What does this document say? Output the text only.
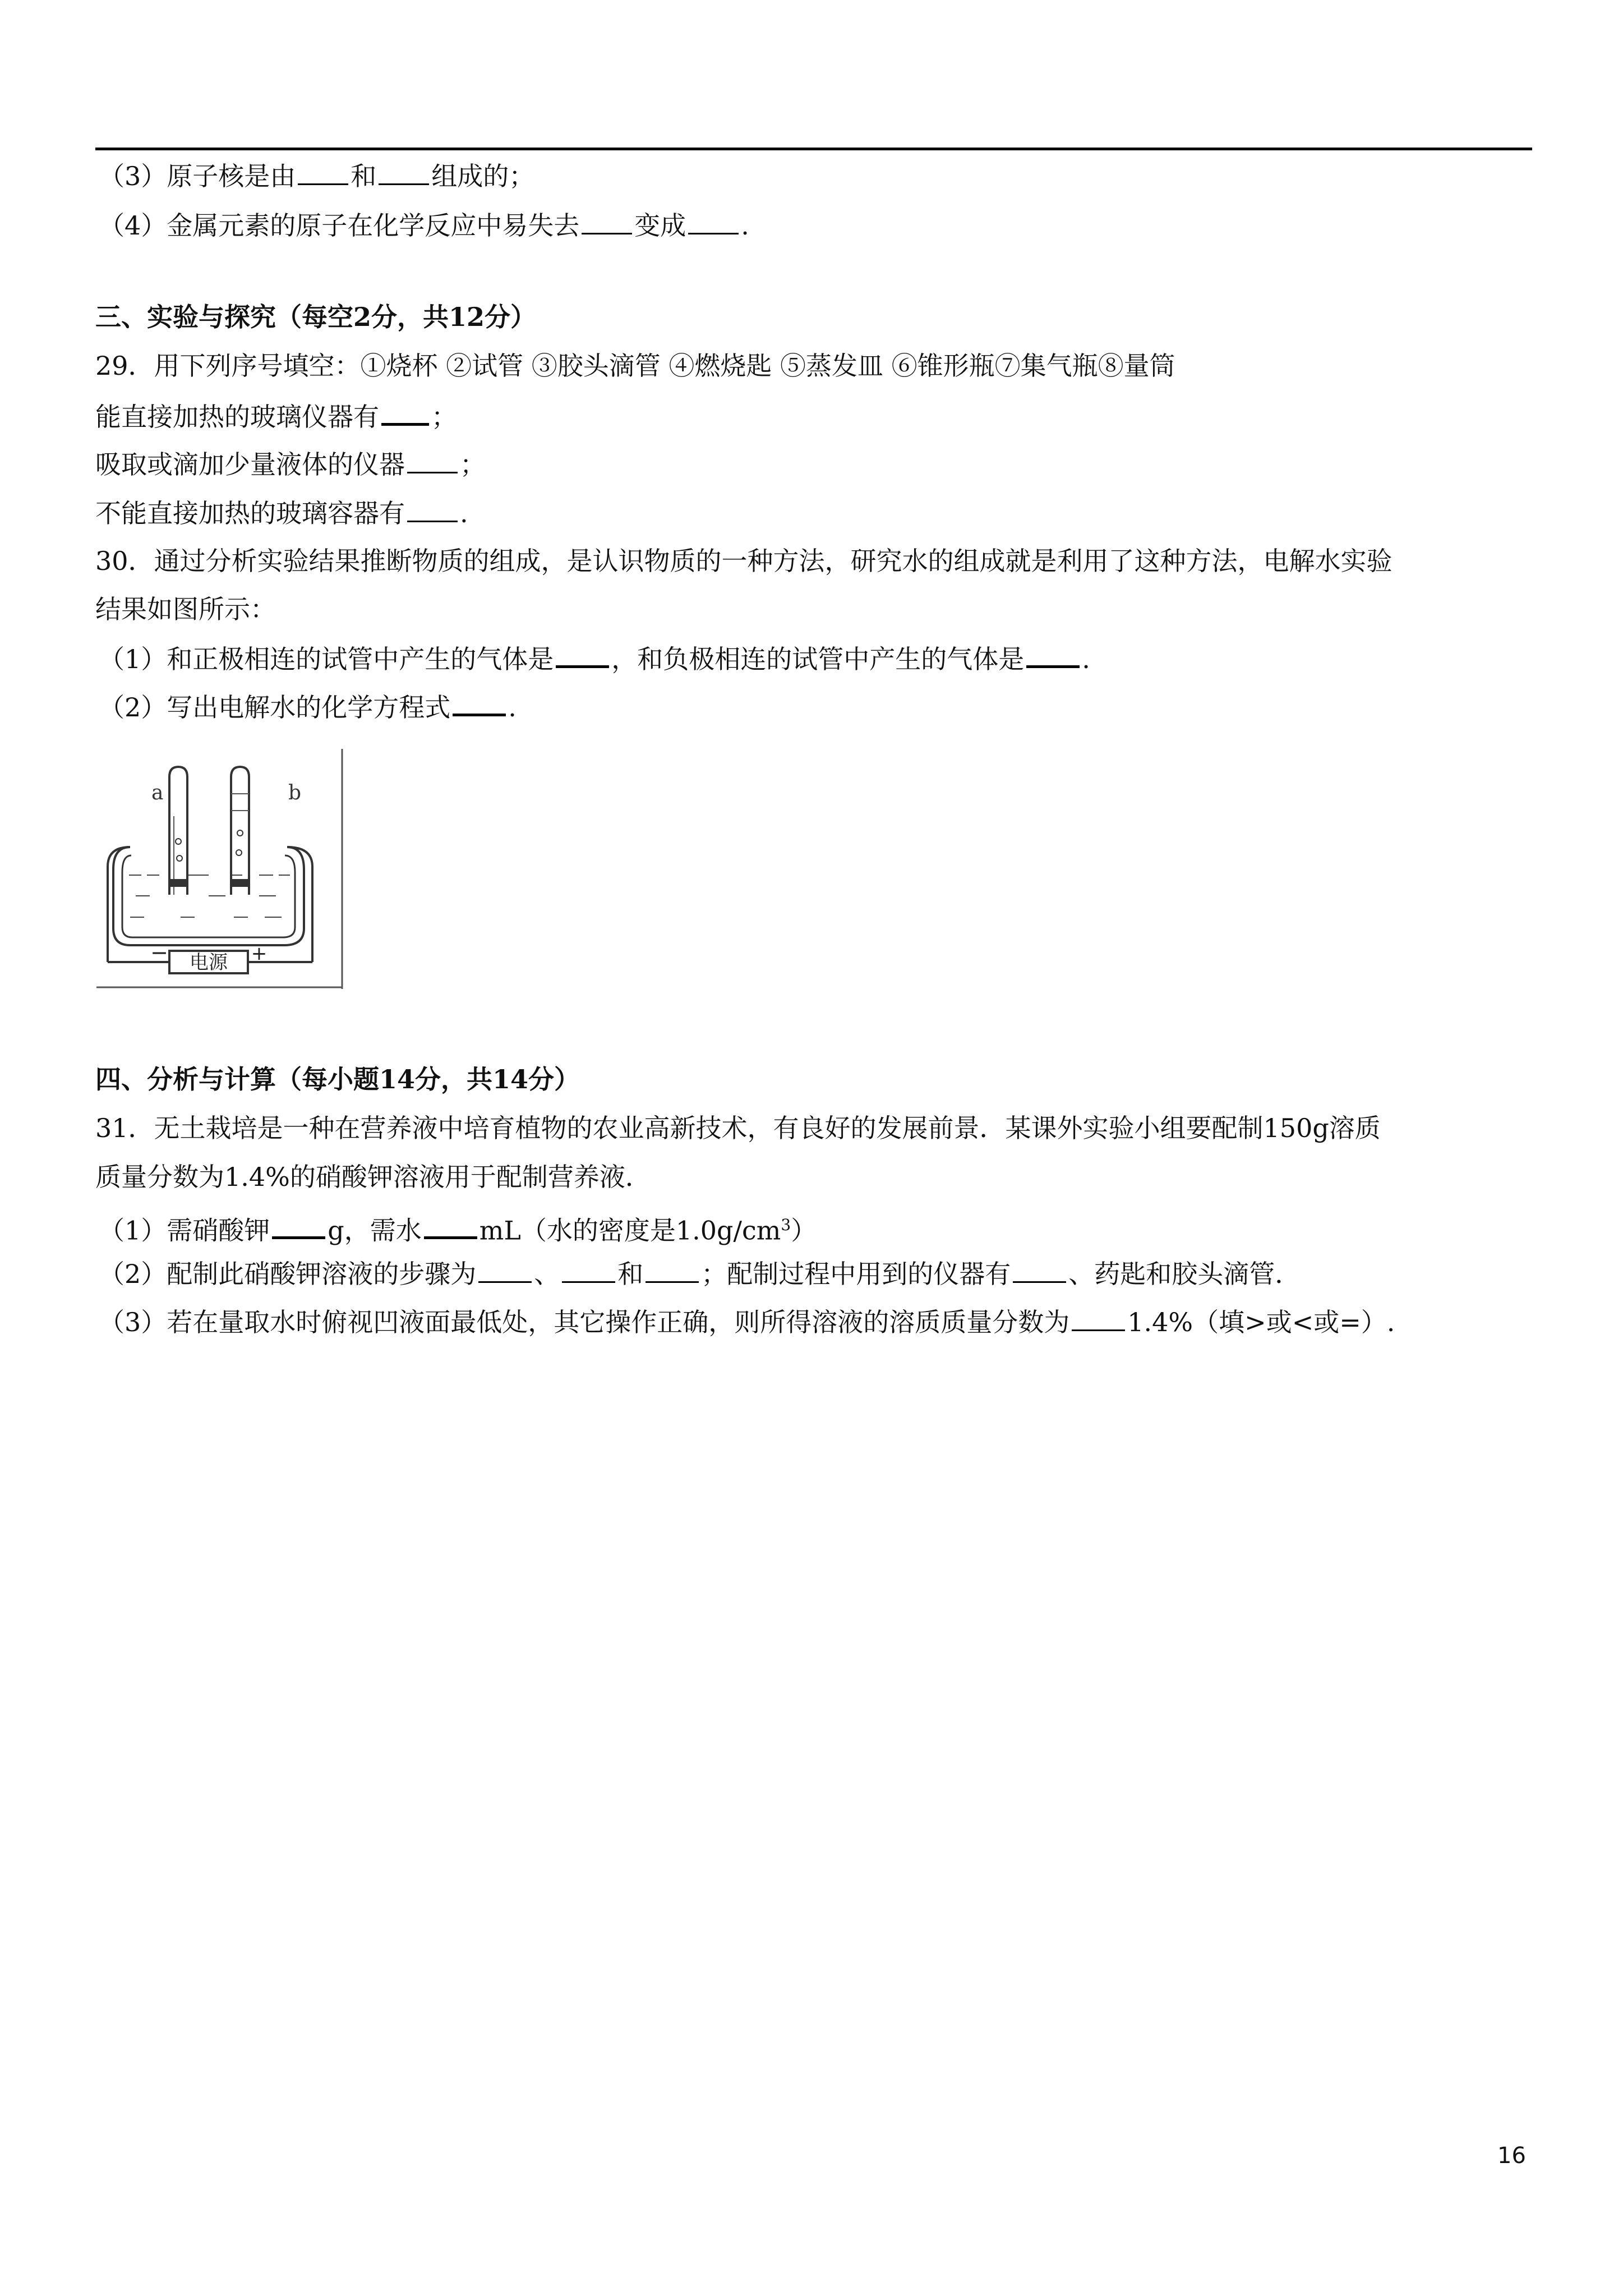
（3）原子核是由 和 组成的；
（4）金属元素的原子在化学反应中易失去 变成 .
三、实验与探究（每空2分，共12分）
29．用下列序号填空：①烧杯 ②试管 ③胶头滴管 ④燃烧匙 ⑤蒸发皿 ⑥锥形瓶⑦集气瓶⑧量筒
能直接加热的玻璃仪器有 ；
吸取或滴加少量液体的仪器 ；
不能直接加热的玻璃容器有 .
30．通过分析实验结果推断物质的组成，是认识物质的一种方法，研究水的组成就是利用了这种方法，电解水实验
结果如图所示：
（1）和正极相连的试管中产生的气体是 ，和负极相连的试管中产生的气体是 .
（2）写出电解水的化学方程式 .
电源
−	+
a	b
四、分析与计算（每小题14分，共14分）
31．无土栽培是一种在营养液中培育植物的农业高新技术，有良好的发展前景．某课外实验小组要配制150g溶质
质量分数为1.4%的硝酸钾溶液用于配制营养液．
（1）需硝酸钾 g，需水 mL（水的密度是$1.0g/cm^3$）
（2）配制此硝酸钾溶液的步骤为 、 和 ；配制过程中用到的仪器有 、药匙和胶头滴管．
（3）若在量取水时俯视凹液面最低处，其它操作正确，则所得溶液的溶质质量分数为 1.4%（填>或<或=）.
16
